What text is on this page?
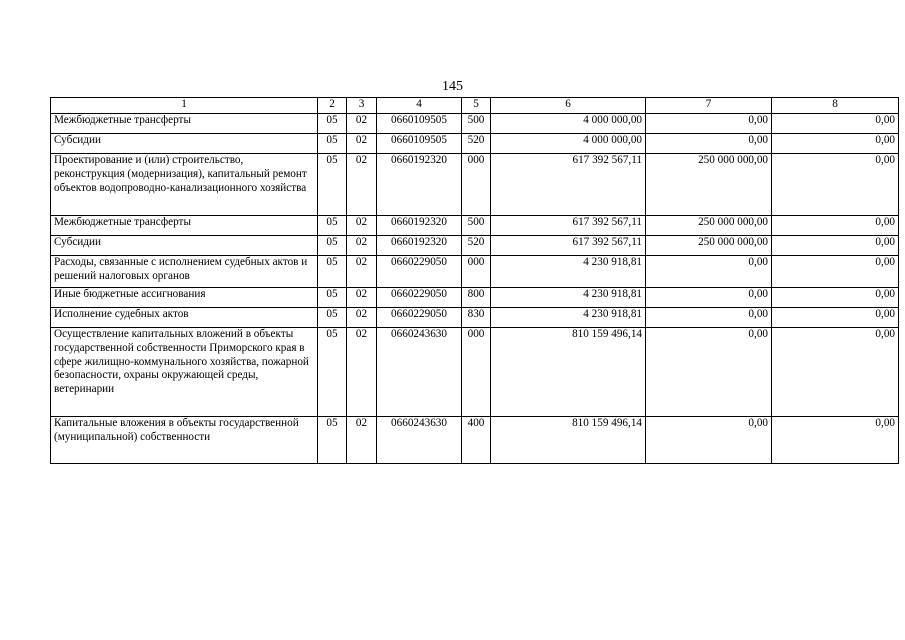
145
1	2	3	4	5	6	7	8
Межбюджетные трансферты	05	02	0660109505	500	4 000 000,00	0,00	0,00
Субсидии	05	02	0660109505	520	4 000 000,00	0,00	0,00
Проектирование и (или) строительство, реконструкция (модернизация), капитальный ремонт объектов водопроводно-канализационного хозяйства	05	02	0660192320	000	617 392 567,11	250 000 000,00	0,00
Межбюджетные трансферты	05	02	0660192320	500	617 392 567,11	250 000 000,00	0,00
Субсидии	05	02	0660192320	520	617 392 567,11	250 000 000,00	0,00
Расходы, связанные с исполнением судебных актов и решений налоговых органов	05	02	0660229050	000	4 230 918,81	0,00	0,00
Иные бюджетные ассигнования	05	02	0660229050	800	4 230 918,81	0,00	0,00
Исполнение судебных актов	05	02	0660229050	830	4 230 918,81	0,00	0,00
Осуществление капитальных вложений в объекты государственной собственности Приморского края в сфере жилищно-коммунального хозяйства, пожарной безопасности, охраны окружающей среды, ветеринарии	05	02	0660243630	000	810 159 496,14	0,00	0,00
Капитальные вложения в объекты государственной (муниципальной) собственности	05	02	0660243630	400	810 159 496,14	0,00	0,00
